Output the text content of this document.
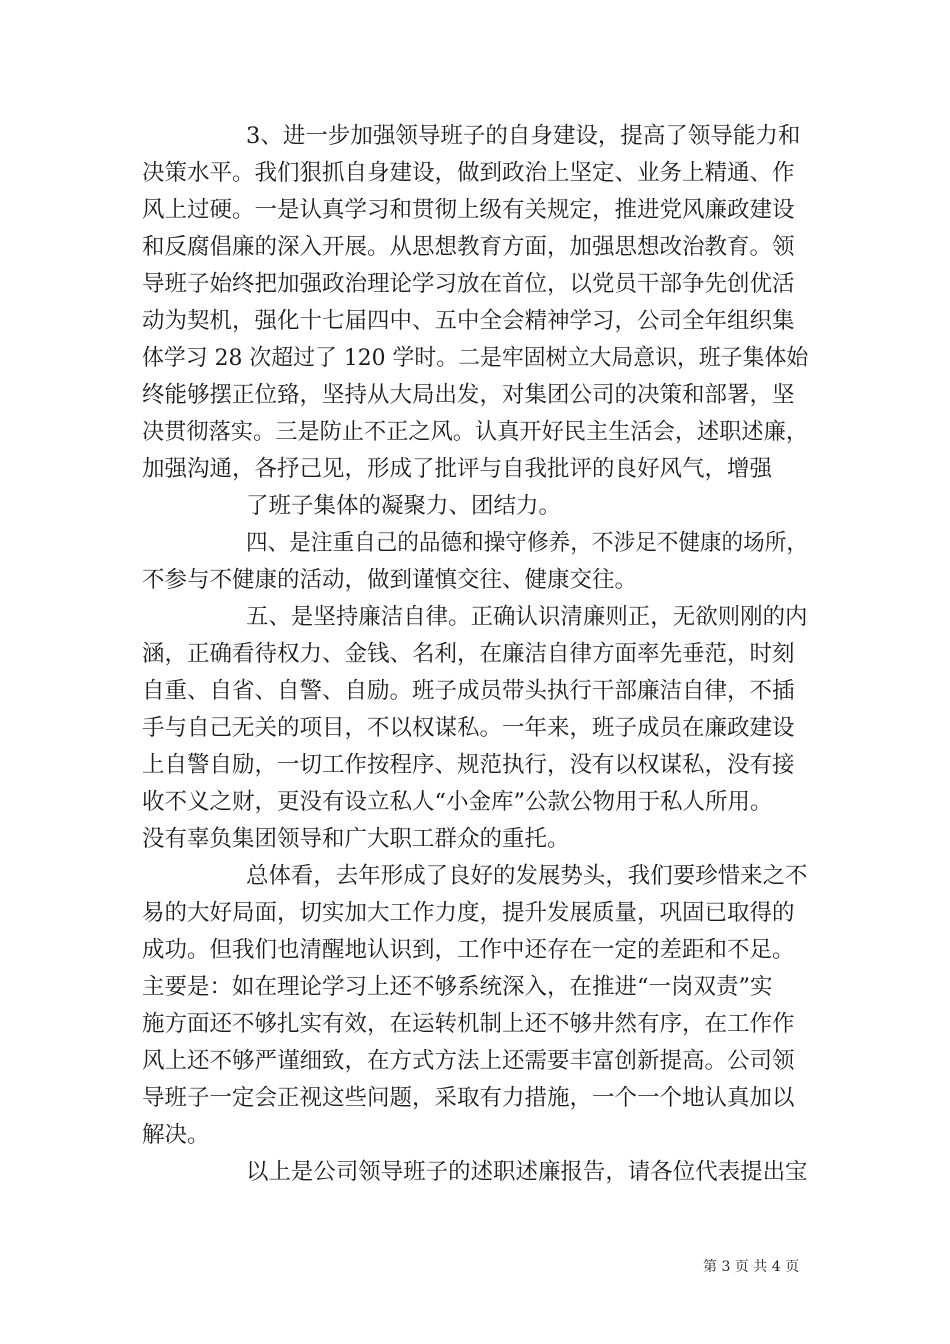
3、进一步加强领导班子的自身建设，提高了领导能力和
决策水平。我们狠抓自身建设，做到政治上坚定、业务上精通、作
风上过硬。一是认真学习和贯彻上级有关规定，推进党风廉政建设
和反腐倡廉的深入开展。从思想教育方面，加强思想改治教育。领
导班子始终把加强政治理论学习放在首位，以党员干部争先创优活
动为契机，强化十七届四中、五中全会精神学习，公司全年组织集
体学习 28 次超过了 120 学时。二是牢固树立大局意识，班子集体始
终能够摆正位臵，坚持从大局出发，对集团公司的决策和部署，坚
决贯彻落实。三是防止不正之风。认真开好民主生活会，述职述廉，
加强沟通，各抒己见，形成了批评与自我批评的良好风气，增强
了班子集体的凝聚力、团结力。
四、是注重自己的品德和操守修养，不涉足不健康的场所，
不参与不健康的活动，做到谨慎交往、健康交往。
五、是坚持廉洁自律。正确认识清廉则正，无欲则刚的内
涵，正确看待权力、金钱、名利，在廉洁自律方面率先垂范，时刻
自重、自省、自警、自励。班子成员带头执行干部廉洁自律，不插
手与自己无关的项目，不以权谋私。一年来，班子成员在廉政建设
上自警自励，一切工作按程序、规范执行，没有以权谋私，没有接
收不义之财，更没有设立私人“小金库”公款公物用于私人所用。
没有辜负集团领导和广大职工群众的重托。
总体看，去年形成了良好的发展势头，我们要珍惜来之不
易的大好局面，切实加大工作力度，提升发展质量，巩固已取得的
成功。但我们也清醒地认识到，工作中还存在一定的差距和不足。
主要是：如在理论学习上还不够系统深入，在推进“一岗双责”实
施方面还不够扎实有效，在运转机制上还不够井然有序，在工作作
风上还不够严谨细致，在方式方法上还需要丰富创新提高。公司领
导班子一定会正视这些问题，采取有力措施，一个一个地认真加以
解决。
以上是公司领导班子的述职述廉报告，请各位代表提出宝
第 3 页 共 4 页
